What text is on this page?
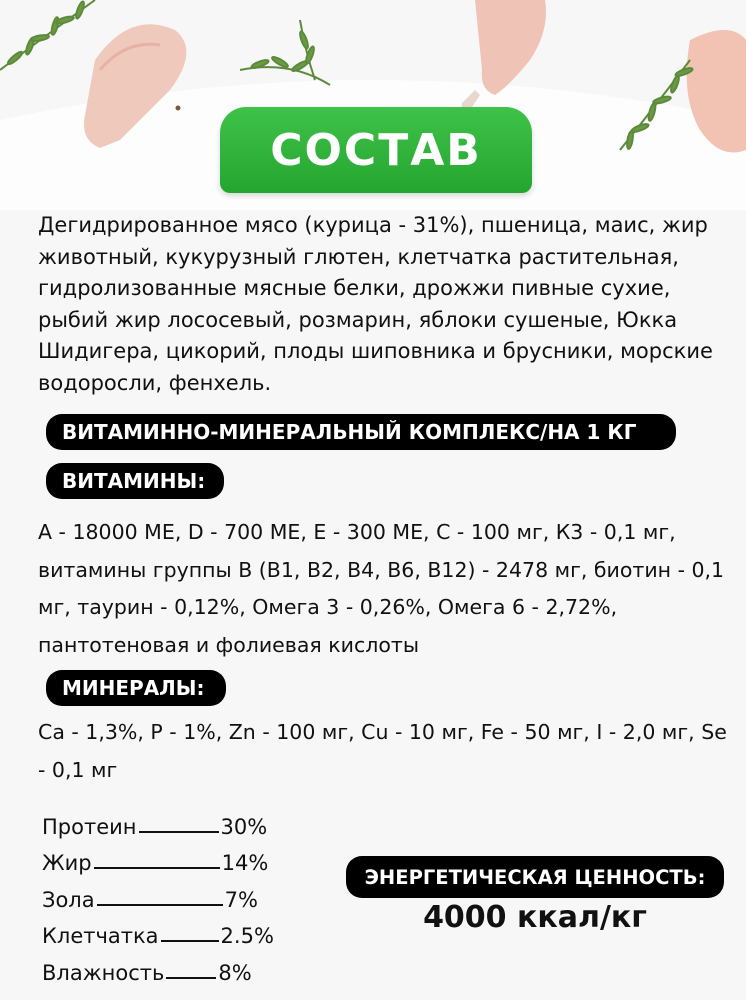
СОСТАВ

Дегидрированное мясо (курица - 31%), пшеница, маис, жир животный, кукурузный глютен, клетчатка растительная, гидролизованные мясные белки, дрожжи пивные сухие, рыбий жир лососевый, розмарин, яблоки сушеные, Юкка Шидигера, цикорий, плоды шиповника и брусники, морские водоросли, фенхель.

ВИТАМИННО-МИНЕРАЛЬНЫЙ КОМПЛЕКС/НА 1 КГ
ВИТАМИНЫ:

A - 18000 МЕ, D - 700 МЕ, E - 300 МЕ, C - 100 мг, К3 - 0,1 мг, витамины группы B (B1, B2, B4, B6, B12) - 2478 мг, биотин - 0,1 мг, таурин - 0,12%, Омега 3 - 0,26%, Омега 6 - 2,72%, пантотеновая и фолиевая кислоты

МИНЕРАЛЫ:

Ca - 1,3%, P - 1%, Zn - 100 мг, Cu - 10 мг, Fe - 50 мг, I - 2,0 мг, Se - 0,1 мг

Протеин	30%
Жир	14%
Зола	7%
Клетчатка	2.5%
Влажность	8%
ЭНЕРГЕТИЧЕСКАЯ ЦЕННОСТЬ:
4000 ккал/кг
